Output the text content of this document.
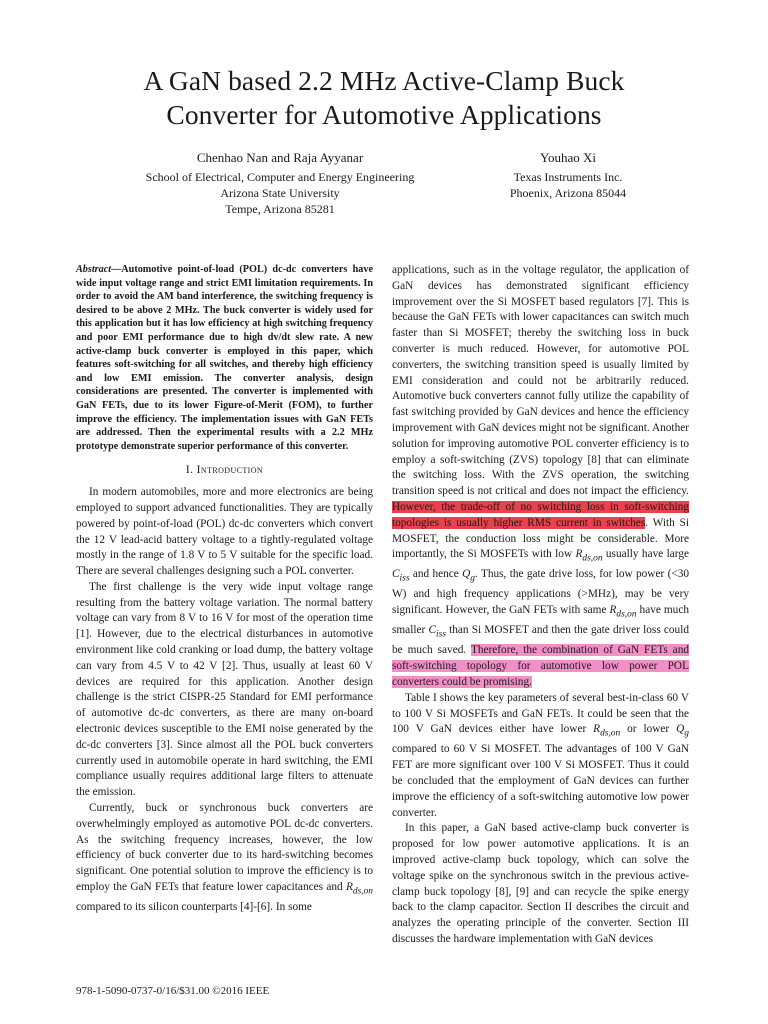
A GaN based 2.2 MHz Active-Clamp Buck
Converter for Automotive Applications
Chenhao Nan and Raja Ayyanar
School of Electrical, Computer and Energy Engineering
Arizona State University
Tempe, Arizona 85281
Youhao Xi
Texas Instruments Inc.
Phoenix, Arizona 85044

Abstract—Automotive point-of-load (POL) dc-dc converters have wide input voltage range and strict EMI limitation requirements. In order to avoid the AM band interference, the switching frequency is desired to be above 2 MHz. The buck converter is widely used for this application but it has low efficiency at high switching frequency and poor EMI performance due to high dv/dt slew rate. A new active-clamp buck converter is employed in this paper, which features soft-switching for all switches, and thereby high efficiency and low EMI emission. The converter analysis, design considerations are presented. The converter is implemented with GaN FETs, due to its lower Figure-of-Merit (FOM), to further improve the efficiency. The implementation issues with GaN FETs are addressed. Then the experimental results with a 2.2 MHz prototype demonstrate superior performance of this converter.

I. Introduction

In modern automobiles, more and more electronics are being employed to support advanced functionalities. They are typically powered by point-of-load (POL) dc-dc converters which convert the 12 V lead-acid battery voltage to a tightly-regulated voltage mostly in the range of 1.8 V to 5 V suitable for the specific load. There are several challenges designing such a POL converter.

The first challenge is the very wide input voltage range resulting from the battery voltage variation. The normal battery voltage can vary from 8 V to 16 V for most of the operation time [1]. However, due to the electrical disturbances in automotive environment like cold cranking or load dump, the battery voltage can vary from 4.5 V to 42 V [2]. Thus, usually at least 60 V devices are required for this application. Another design challenge is the strict CISPR-25 Standard for EMI performance of automotive dc-dc converters, as there are many on-board electronic devices susceptible to the EMI noise generated by the dc-dc converters [3]. Since almost all the POL buck converters currently used in automobile operate in hard switching, the EMI compliance usually requires additional large filters to attenuate the emission.

Currently, buck or synchronous buck converters are overwhelmingly employed as automotive POL dc-dc converters. As the switching frequency increases, however, the low efficiency of buck converter due to its hard-switching becomes significant. One potential solution to improve the efficiency is to employ the GaN FETs that feature lower capacitances and $R_{ds,on}$ compared to its silicon counterparts [4]-[6]. In some

applications, such as in the voltage regulator, the application of GaN devices has demonstrated significant efficiency improvement over the Si MOSFET based regulators [7]. This is because the GaN FETs with lower capacitances can switch much faster than Si MOSFET; thereby the switching loss in buck converter is much reduced. However, for automotive POL converters, the switching transition speed is usually limited by EMI consideration and could not be arbitrarily reduced. Automotive buck converters cannot fully utilize the capability of fast switching provided by GaN devices and hence the efficiency improvement with GaN devices might not be significant. Another solution for improving automotive POL converter efficiency is to employ a soft-switching (ZVS) topology [8] that can eliminate the switching loss. With the ZVS operation, the switching transition speed is not critical and does not impact the efficiency. However, the trade-off of no switching loss in soft-switching topologies is usually higher RMS current in switches. With Si MOSFET, the conduction loss might be considerable. More importantly, the Si MOSFETs with low $R_{ds,on}$ usually have large $C_{iss}$ and hence $Q_g$. Thus, the gate drive loss, for low power (<30 W) and high frequency applications (>MHz), may be very significant. However, the GaN FETs with same $R_{ds,on}$ have much smaller $C_{iss}$ than Si MOSFET and then the gate driver loss could be much saved. Therefore, the combination of GaN FETs and soft-switching topology for automotive low power POL converters could be promising.

Table I shows the key parameters of several best-in-class 60 V to 100 V Si MOSFETs and GaN FETs. It could be seen that the 100 V GaN devices either have lower $R_{ds,on}$ or lower $Q_g$ compared to 60 V Si MOSFET. The advantages of 100 V GaN FET are more significant over 100 V Si MOSFET. Thus it could be concluded that the employment of GaN devices can further improve the efficiency of a soft-switching automotive low power converter.

In this paper, a GaN based active-clamp buck converter is proposed for low power automotive applications. It is an improved active-clamp buck topology, which can solve the voltage spike on the synchronous switch in the previous active-clamp buck topology [8], [9] and can recycle the spike energy back to the clamp capacitor. Section II describes the circuit and analyzes the operating principle of the converter. Section III discusses the hardware implementation with GaN devices

978-1-5090-0737-0/16/$31.00 ©2016 IEEE
